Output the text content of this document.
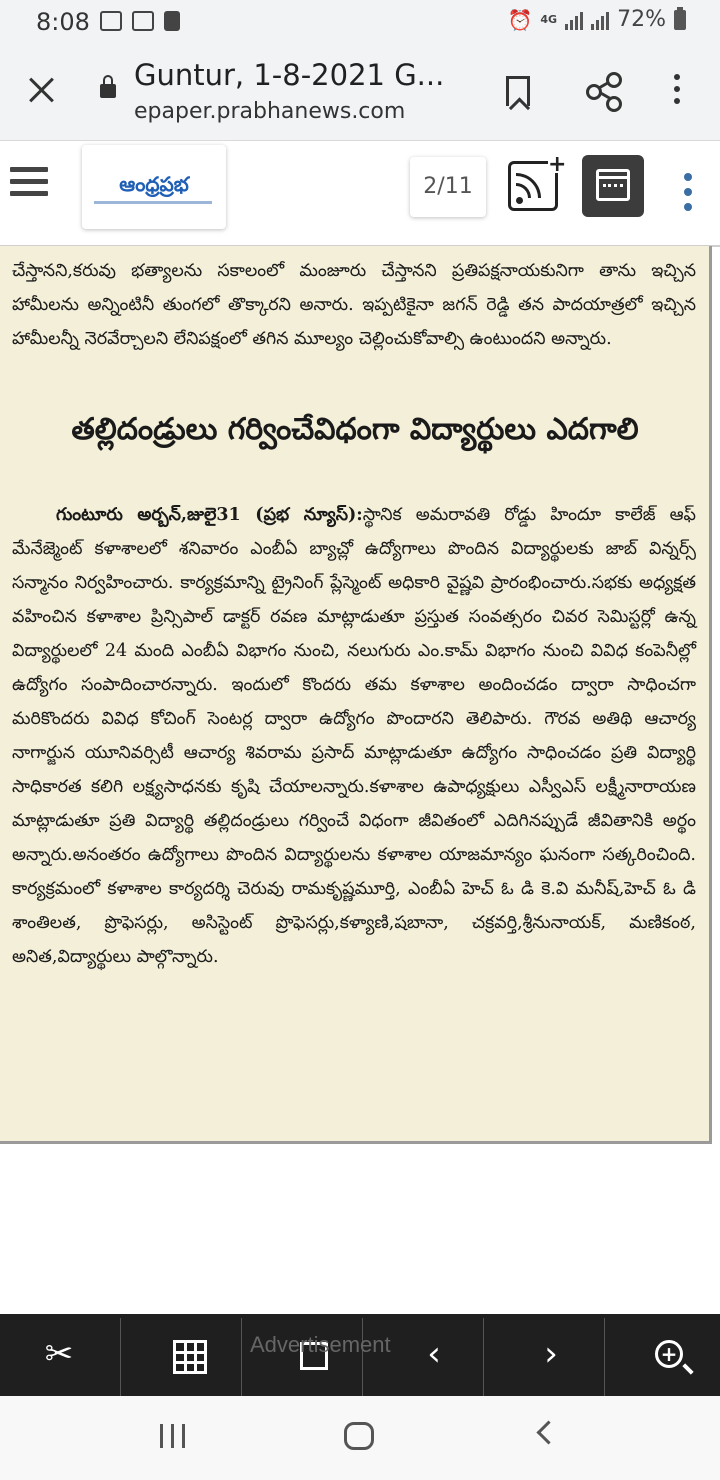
8:08	⏰ 4G	72%
Guntur, 1-8-2021 G...
epaper.prabhanews.com
ఆంధ్రప్రభ	2/11
+
చేస్తానని,కరువు భత్యాలను సకాలంలో మంజూరు చేస్తానని ప్రతిపక్షనాయకునిగా తాను ఇచ్చిన హామీలను అన్నింటినీ తుంగలో తొక్కారని అనారు. ఇప్పటికైనా జగన్ రెడ్డి తన పాదయాత్రలో ఇచ్చిన హామీలన్నీ నెరవేర్చాలని లేనిపక్షంలో తగిన మూల్యం చెల్లించుకోవాల్సి ఉంటుందని అన్నారు.
తల్లిదండ్రులు గర్వించేవిధంగా విద్యార్థులు ఎదగాలి
గుంటూరు అర్బన్,జులై31 (ప్రభ న్యూస్):స్థానిక అమరావతి రోడ్డు హిందూ కాలేజ్ ఆఫ్ మేనేజ్మెంట్ కళాశాలలో శనివారం ఎంబీఏ బ్యాచ్లో ఉద్యోగాలు పొందిన విద్యార్థులకు జాబ్ విన్నర్స్ సన్మానం నిర్వహించారు. కార్యక్రమాన్ని ట్రైనింగ్ ప్లేస్మెంట్ అధికారి వైష్ణవి ప్రారంభించారు.సభకు అధ్యక్షత వహించిన కళాశాల ప్రిన్సిపాల్ డాక్టర్ రవణ మాట్లాడుతూ ప్రస్తుత సంవత్సరం చివర సెమిస్టర్లో ఉన్న విద్యార్థులలో 24 మంది ఎంబీఏ విభాగం నుంచి, నలుగురు ఎం.కామ్ విభాగం నుంచి వివిధ కంపెనీల్లో ఉద్యోగం సంపాదించారన్నారు. ఇందులో కొందరు తమ కళాశాల అందించడం ద్వారా సాధించగా మరికొందరు వివిధ కోచింగ్ సెంటర్ల ద్వారా ఉద్యోగం పొందారని తెలిపారు. గౌరవ అతిథి ఆచార్య నాగార్జున యూనివర్సిటీ ఆచార్య శివరామ ప్రసాద్ మాట్లాడుతూ ఉద్యోగం సాధించడం ప్రతి విద్యార్థి సాధికారత కలిగి లక్ష్యసాధనకు కృషి చేయాలన్నారు.కళాశాల ఉపాధ్యక్షులు ఎస్వీఎస్ లక్ష్మీనారాయణ మాట్లాడుతూ ప్రతి విద్యార్థి తల్లిదండ్రులు గర్వించే విధంగా జీవితంలో ఎదిగినప్పుడే జీవితానికి అర్థం అన్నారు.అనంతరం ఉద్యోగాలు పొందిన విద్యార్థులను కళాశాల యాజమాన్యం ఘనంగా సత్కరించింది. కార్యక్రమంలో కళాశాల కార్యదర్శి చెరువు రామకృష్ణమూర్తి, ఎంబీఏ హెచ్ ఓ డి కె.వి మనీష్,హెచ్ ఓ డి శాంతిలత, ప్రొఫెసర్లు, అసిస్టెంట్ ప్రొఫెసర్లు,కళ్యాణి,షబానా, చక్రవర్తి,శ్రీనునాయక్, మణికంఠ, అనిత,విద్యార్థులు పాల్గొన్నారు.
✂	‹	›	+
Advertisement
